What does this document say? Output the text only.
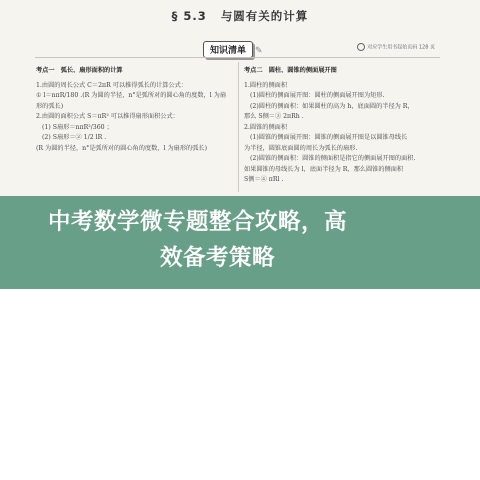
§ 5.3 与圆有关的计算
知识清单 ✎	对应学生用书起始页码 128 页
考点一　弧长、扇形面积的计算
1.由圆的周长公式 C＝2πR 可以推得弧长的计算公式：
① l＝nπR/180 .(R 为圆的半径，n°是弧所对的圆心角的度数，l 为扇
形的弧长)
2.由圆的面积公式 S＝πR² 可以推得扇形面积公式：
(1) S扇形＝nπR²/360 ；
(2) S扇形＝② 1/2 lR .
(R 为圆的半径，n°是弧所对的圆心角的度数，l 为扇形的弧长)
考点二　圆柱、圆锥的侧面展开图
1.圆柱的侧面积
(1)圆柱的侧面展开图：圆柱的侧面展开图为矩形.
(2)圆柱的侧面积：如果圆柱的高为 h，底面圆的半径为 R，
那么 S侧＝③ 2πRh .
2.圆锥的侧面积
(1)圆锥的侧面展开图：圆锥的侧面展开图是以圆锥母线长
为半径，圆锥底面圆的周长为弧长的扇形.
(2)圆锥的侧面积：圆锥的侧面积是指它的侧面展开图的面积.
如果圆锥的母线长为 l，底面半径为 R，那么圆锥的侧面积
S侧＝④ πRl .
中考数学微专题整合攻略，高
效备考策略
